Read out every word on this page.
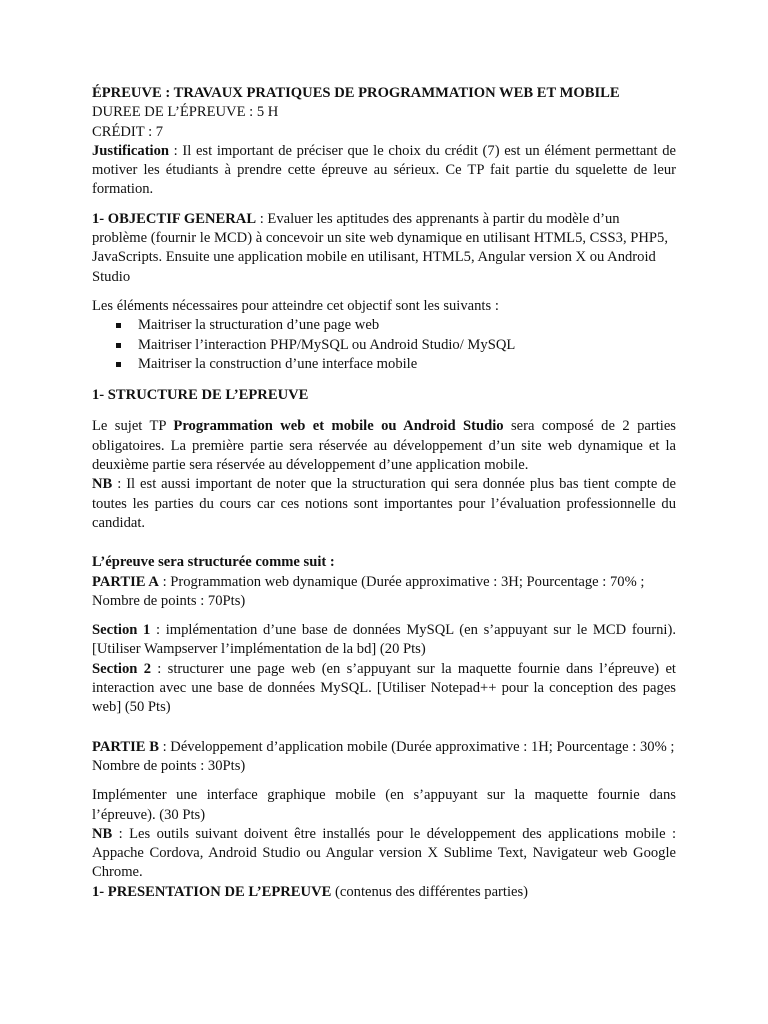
ÉPREUVE : TRAVAUX PRATIQUES DE PROGRAMMATION WEB ET MOBILE

DUREE DE L’ÉPREUVE : 5 H

CRÉDIT : 7

Justification : Il est important de préciser que le choix du crédit (7) est un élément permettant de motiver les étudiants à prendre cette épreuve au sérieux. Ce TP fait partie du squelette de leur formation.

1- OBJECTIF GENERAL : Evaluer les aptitudes des apprenants à partir du modèle d’un problème (fournir le MCD) à concevoir un site web dynamique en utilisant HTML5, CSS3, PHP5, JavaScripts. Ensuite une application mobile en utilisant, HTML5, Angular version X ou Android Studio

Les éléments nécessaires pour atteindre cet objectif sont les suivants :

Maitriser la structuration d’une page web
Maitriser l’interaction PHP/MySQL ou Android Studio/ MySQL
Maitriser la construction d’une interface mobile

1- STRUCTURE DE L’EPREUVE

Le sujet TP Programmation web et mobile ou Android Studio sera composé de 2 parties obligatoires. La première partie sera réservée au développement d’un site web dynamique et la deuxième partie sera réservée au développement d’une application mobile.

NB : Il est aussi important de noter que la structuration qui sera donnée plus bas tient compte de toutes les parties du cours car ces notions sont importantes pour l’évaluation professionnelle du candidat.

L’épreuve sera structurée comme suit :

PARTIE A : Programmation web dynamique (Durée approximative : 3H; Pourcentage : 70% ; Nombre de points : 70Pts)

Section 1 : implémentation d’une base de données MySQL (en s’appuyant sur le MCD fourni). [Utiliser Wampserver l’implémentation de la bd] (20 Pts)

Section 2 : structurer une page web (en s’appuyant sur la maquette fournie dans l’épreuve) et interaction avec une base de données MySQL. [Utiliser Notepad++ pour la conception des pages web] (50 Pts)

PARTIE B : Développement d’application mobile (Durée approximative : 1H; Pourcentage : 30% ; Nombre de points : 30Pts)

Implémenter une interface graphique mobile (en s’appuyant sur la maquette fournie dans l’épreuve). (30 Pts)

NB : Les outils suivant doivent être installés pour le développement des applications mobile : Appache Cordova, Android Studio ou Angular version X Sublime Text, Navigateur web Google Chrome.

1- PRESENTATION DE L’EPREUVE (contenus des différentes parties)
